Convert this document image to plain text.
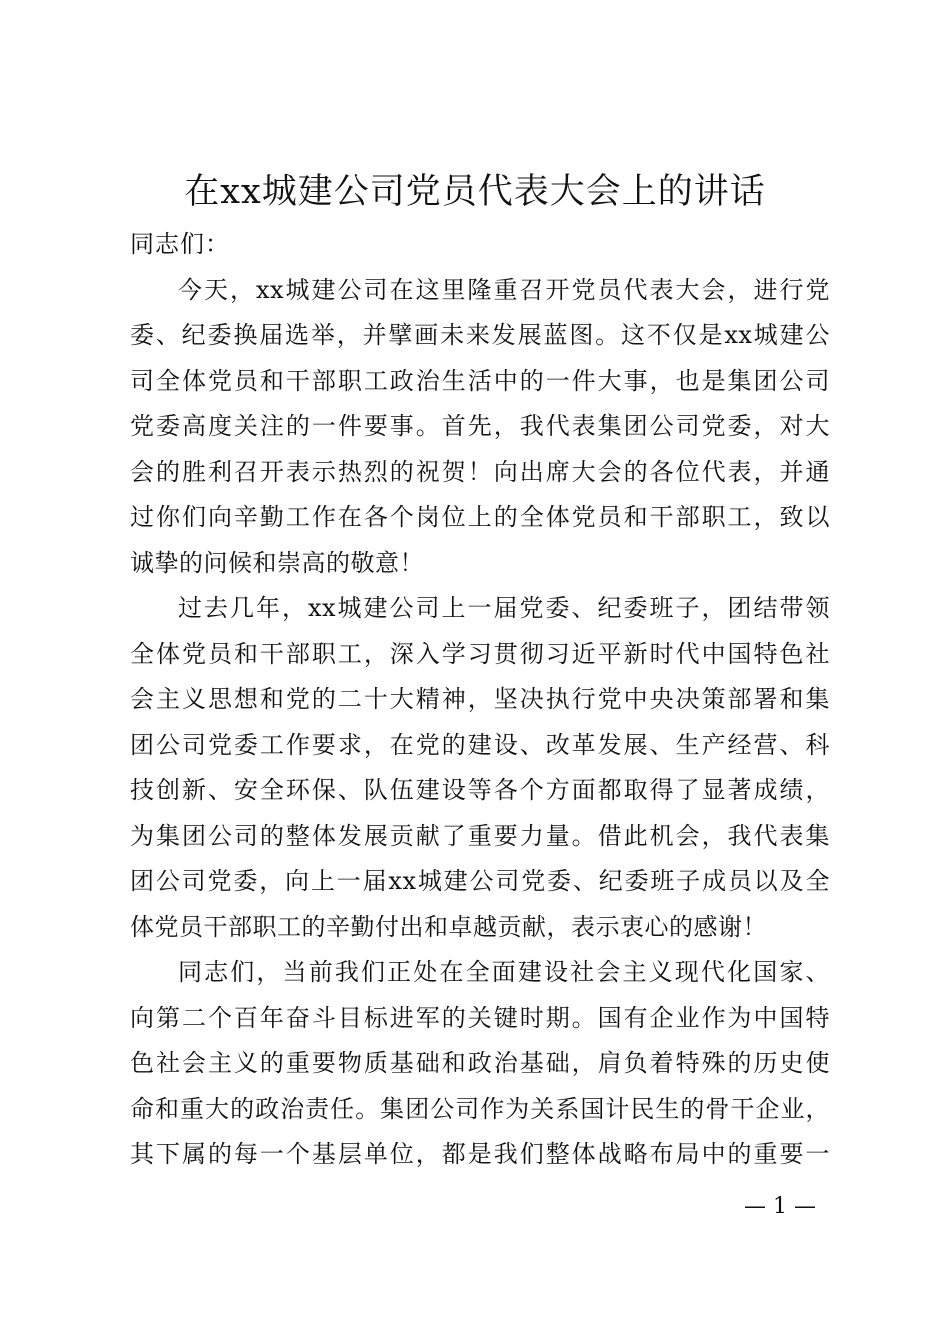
在xx城建公司党员代表大会上的讲话
同志们：
今天，xx城建公司在这里隆重召开党员代表大会，进行党
委、纪委换届选举，并擘画未来发展蓝图。这不仅是xx城建公
司全体党员和干部职工政治生活中的一件大事，也是集团公司
党委高度关注的一件要事。首先，我代表集团公司党委，对大
会的胜利召开表示热烈的祝贺！向出席大会的各位代表，并通
过你们向辛勤工作在各个岗位上的全体党员和干部职工，致以
诚挚的问候和崇高的敬意！
过去几年，xx城建公司上一届党委、纪委班子，团结带领
全体党员和干部职工，深入学习贯彻习近平新时代中国特色社
会主义思想和党的二十大精神，坚决执行党中央决策部署和集
团公司党委工作要求，在党的建设、改革发展、生产经营、科
技创新、安全环保、队伍建设等各个方面都取得了显著成绩，
为集团公司的整体发展贡献了重要力量。借此机会，我代表集
团公司党委，向上一届xx城建公司党委、纪委班子成员以及全
体党员干部职工的辛勤付出和卓越贡献，表示衷心的感谢！
同志们，当前我们正处在全面建设社会主义现代化国家、
向第二个百年奋斗目标进军的关键时期。国有企业作为中国特
色社会主义的重要物质基础和政治基础，肩负着特殊的历史使
命和重大的政治责任。集团公司作为关系国计民生的骨干企业，
其下属的每一个基层单位，都是我们整体战略布局中的重要一
— 1 —
